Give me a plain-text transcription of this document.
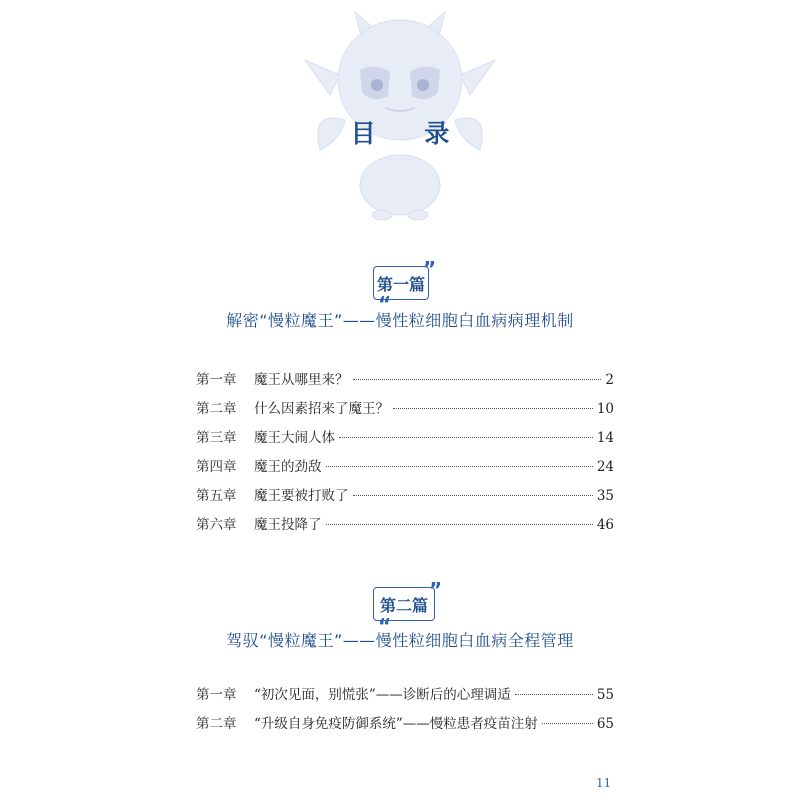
目 录
第一篇
”
“
解密“慢粒魔王”——慢性粒细胞白血病病理机制
第一章	魔王从哪里来？	2
第二章	什么因素招来了魔王？	10
第三章	魔王大闹人体	14
第四章	魔王的劲敌	24
第五章	魔王要被打败了	35
第六章	魔王投降了	46
第二篇
”
“
驾驭“慢粒魔王”——慢性粒细胞白血病全程管理
第一章	“初次见面，别慌张”——诊断后的心理调适	55
第二章	“升级自身免疫防御系统”——慢粒患者疫苗注射	65
11
